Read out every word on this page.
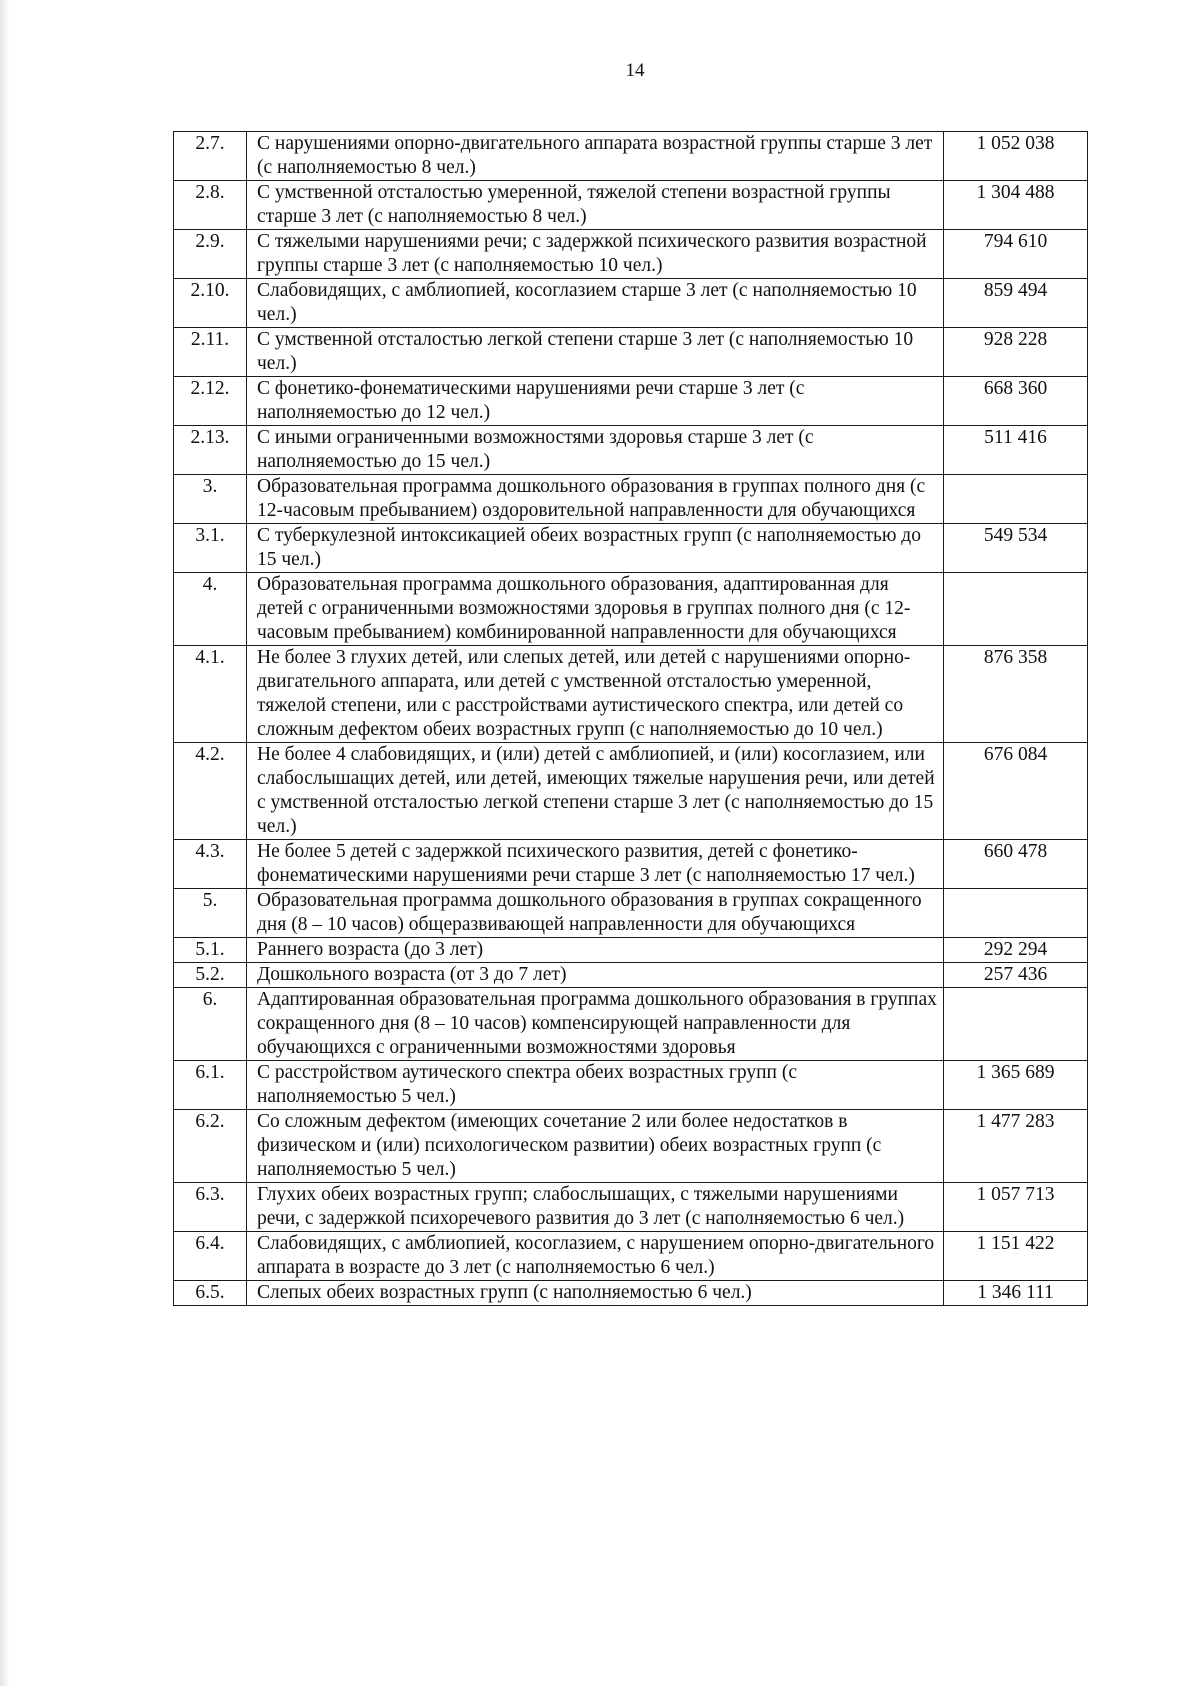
14
2.7.	С нарушениями опорно-двигательного аппарата возрастной группы старше 3 лет (с наполняемостью 8 чел.)	1 052 038
2.8.	С умственной отсталостью умеренной, тяжелой степени возрастной группы старше 3 лет (с наполняемостью 8 чел.)	1 304 488
2.9.	С тяжелыми нарушениями речи; с задержкой психического развития возрастной группы старше 3 лет (с наполняемостью 10 чел.)	794 610
2.10.	Слабовидящих, с амблиопией, косоглазием старше 3 лет (с наполняемостью 10 чел.)	859 494
2.11.	С умственной отсталостью легкой степени старше 3 лет (с наполняемостью 10 чел.)	928 228
2.12.	С фонетико-фонематическими нарушениями речи старше 3 лет (с наполняемостью до 12 чел.)	668 360
2.13.	С иными ограниченными возможностями здоровья старше 3 лет (с наполняемостью до 15 чел.)	511 416
3.	Образовательная программа дошкольного образования в группах полного дня (с 12-часовым пребыванием) оздоровительной направленности для обучающихся	
3.1.	С туберкулезной интоксикацией обеих возрастных групп (с наполняемостью до 15 чел.)	549 534
4.	Образовательная программа дошкольного образования, адаптированная для детей с ограниченными возможностями здоровья в группах полного дня (с 12-часовым пребыванием) комбинированной направленности для обучающихся	
4.1.	Не более 3 глухих детей, или слепых детей, или детей с нарушениями опорно-двигательного аппарата, или детей с умственной отсталостью умеренной, тяжелой степени, или с расстройствами аутистического спектра, или детей со сложным дефектом обеих возрастных групп (с наполняемостью до 10 чел.)	876 358
4.2.	Не более 4 слабовидящих, и (или) детей с амблиопией, и (или) косоглазием, или слабослышащих детей, или детей, имеющих тяжелые нарушения речи, или детей с умственной отсталостью легкой степени старше 3 лет (с наполняемостью до 15 чел.)	676 084
4.3.	Не более 5 детей с задержкой психического развития, детей с фонетико-фонематическими нарушениями речи старше 3 лет (с наполняемостью 17 чел.)	660 478
5.	Образовательная программа дошкольного образования в группах сокращенного дня (8 – 10 часов) общеразвивающей направленности для обучающихся	
5.1.	Раннего возраста (до 3 лет)	292 294
5.2.	Дошкольного возраста (от 3 до 7 лет)	257 436
6.	Адаптированная образовательная программа дошкольного образования в группах сокращенного дня (8 – 10 часов) компенсирующей направленности для обучающихся с ограниченными возможностями здоровья	
6.1.	С расстройством аутического спектра обеих возрастных групп (с наполняемостью 5 чел.)	1 365 689
6.2.	Со сложным дефектом (имеющих сочетание 2 или более недостатков в физическом и (или) психологическом развитии) обеих возрастных групп (с наполняемостью 5 чел.)	1 477 283
6.3.	Глухих обеих возрастных групп; слабослышащих, с тяжелыми нарушениями речи, с задержкой психоречевого развития до 3 лет (с наполняемостью 6 чел.)	1 057 713
6.4.	Слабовидящих, с амблиопией, косоглазием, с нарушением опорно-двигательного аппарата в возрасте до 3 лет (с наполняемостью 6 чел.)	1 151 422
6.5.	Слепых обеих возрастных групп (с наполняемостью 6 чел.)	1 346 111
